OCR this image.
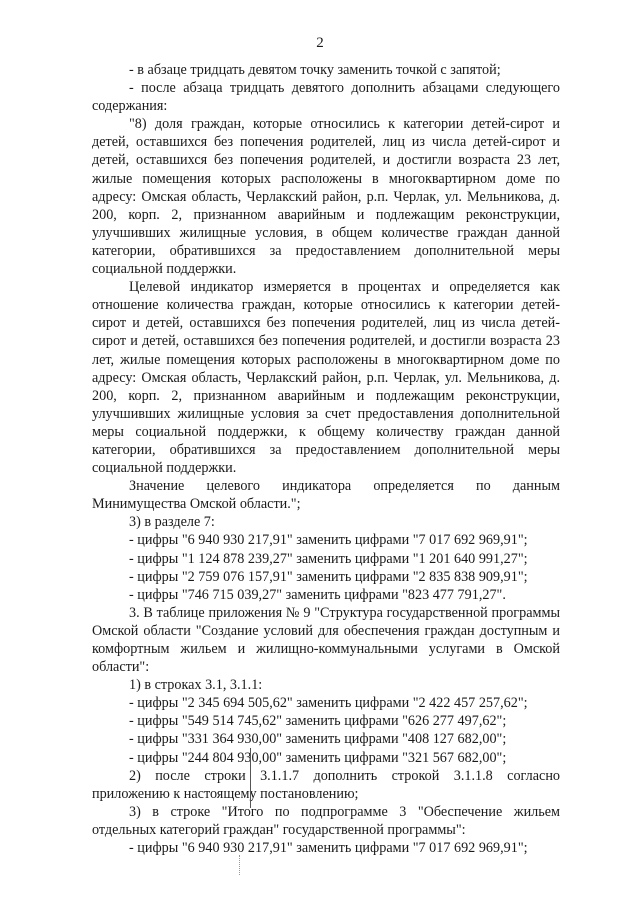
2

- в абзаце тридцать девятом точку заменить точкой с запятой;

- после абзаца тридцать девятого дополнить абзацами следующего содержания:

"8) доля граждан, которые относились к категории детей-сирот и детей, оставшихся без попечения родителей, лиц из числа детей-сирот и детей, оставшихся без попечения родителей, и достигли возраста 23 лет, жилые помещения которых расположены в многоквартирном доме по адресу: Омская область, Черлакский район, р.п. Черлак, ул. Мельникова, д. 200, корп. 2, признанном аварийным и подлежащим реконструкции, улучшивших жилищные условия, в общем количестве граждан данной категории, обратившихся за предоставлением дополнительной меры социальной поддержки.

Целевой индикатор измеряется в процентах и определяется как отношение количества граждан, которые относились к категории детей-сирот и детей, оставшихся без попечения родителей, лиц из числа детей-сирот и детей, оставшихся без попечения родителей, и достигли возраста 23 лет, жилые помещения которых расположены в многоквартирном доме по адресу: Омская область, Черлакский район, р.п. Черлак, ул. Мельникова, д. 200, корп. 2, признанном аварийным и подлежащим реконструкции, улучшивших жилищные условия за счет предоставления дополнительной меры социальной поддержки, к общему количеству граждан данной категории, обратившихся за предоставлением дополнительной меры социальной поддержки.

Значение целевого индикатора определяется по данным Минимущества Омской области.";

3) в разделе 7:

- цифры "6 940 930 217,91" заменить цифрами "7 017 692 969,91";

- цифры "1 124 878 239,27" заменить цифрами "1 201 640 991,27";

- цифры "2 759 076 157,91" заменить цифрами "2 835 838 909,91";

- цифры "746 715 039,27" заменить цифрами "823 477 791,27".

3. В таблице приложения № 9 "Структура государственной программы Омской области "Создание условий для обеспечения граждан доступным и комфортным жильем и жилищно-коммунальными услугами в Омской области":

1) в строках 3.1, 3.1.1:

- цифры "2 345 694 505,62" заменить цифрами "2 422 457 257,62";

- цифры "549 514 745,62" заменить цифрами "626 277 497,62";

- цифры "331 364 930,00" заменить цифрами "408 127 682,00";

- цифры "244 804 930,00" заменить цифрами "321 567 682,00";

2) после строки 3.1.1.7 дополнить строкой 3.1.1.8 согласно приложению к настоящему постановлению;

3) в строке "Итого по подпрограмме 3 "Обеспечение жильем отдельных категорий граждан" государственной программы":

- цифры "6 940 930 217,91" заменить цифрами "7 017 692 969,91";
